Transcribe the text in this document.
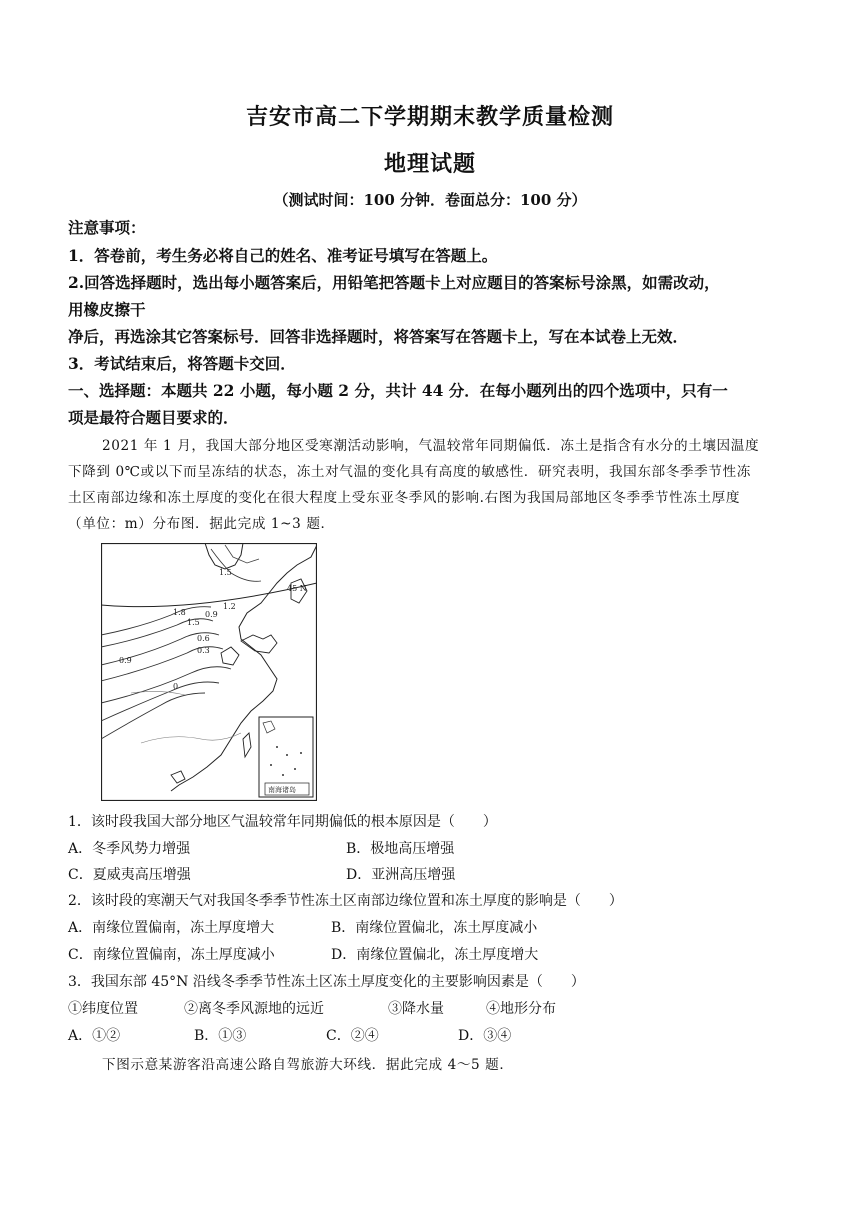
吉安市高二下学期期末教学质量检测
地理试题
（测试时间：100 分钟．卷面总分：100 分）
注意事项：
1．答卷前，考生务必将自己的姓名、准考证号填写在答题上。
2.回答选择题时，选出每小题答案后，用铅笔把答题卡上对应题目的答案标号涂黑，如需改动，
用橡皮擦干
净后，再选涂其它答案标号．回答非选择题时，将答案写在答题卡上，写在本试卷上无效．
3．考试结束后，将答题卡交回．
一、选择题：本题共 22 小题，每小题 2 分，共计 44 分．在每小题列出的四个选项中，只有一
项是最符合题目要求的．
2021 年 1 月，我国大部分地区受寒潮活动影响，气温较常年同期偏低．冻土是指含有水分的土壤因温度
下降到 0℃或以下而呈冻结的状态，冻土对气温的变化具有高度的敏感性．研究表明，我国东部冬季季节性冻
土区南部边缘和冻土厚度的变化在很大程度上受东亚冬季风的影响.右图为我国局部地区冬季季节性冻土厚度
（单位：m）分布图．据此完成 1~3 题．
45 N
1.5
1.2
1.5
1.8 0.9
0.6
0.3
0.9
0
南海诸岛
1．该时段我国大部分地区气温较常年同期偏低的根本原因是（　　）
A．冬季风势力增强	B．极地高压增强
C．夏威夷高压增强	D．亚洲高压增强
2．该时段的寒潮天气对我国冬季季节性冻土区南部边缘位置和冻土厚度的影响是（　　）
A．南缘位置偏南，冻土厚度增大	B．南缘位置偏北，冻土厚度减小
C．南缘位置偏南，冻土厚度减小	D．南缘位置偏北，冻土厚度增大
3．我国东部 45°N 沿线冬季季节性冻土区冻土厚度变化的主要影响因素是（　　）
①纬度位置	②离冬季风源地的远近	③降水量	④地形分布
A．①②	B．①③	C．②④	D．③④
下图示意某游客沿高速公路自驾旅游大环线．据此完成 4～5 题．
